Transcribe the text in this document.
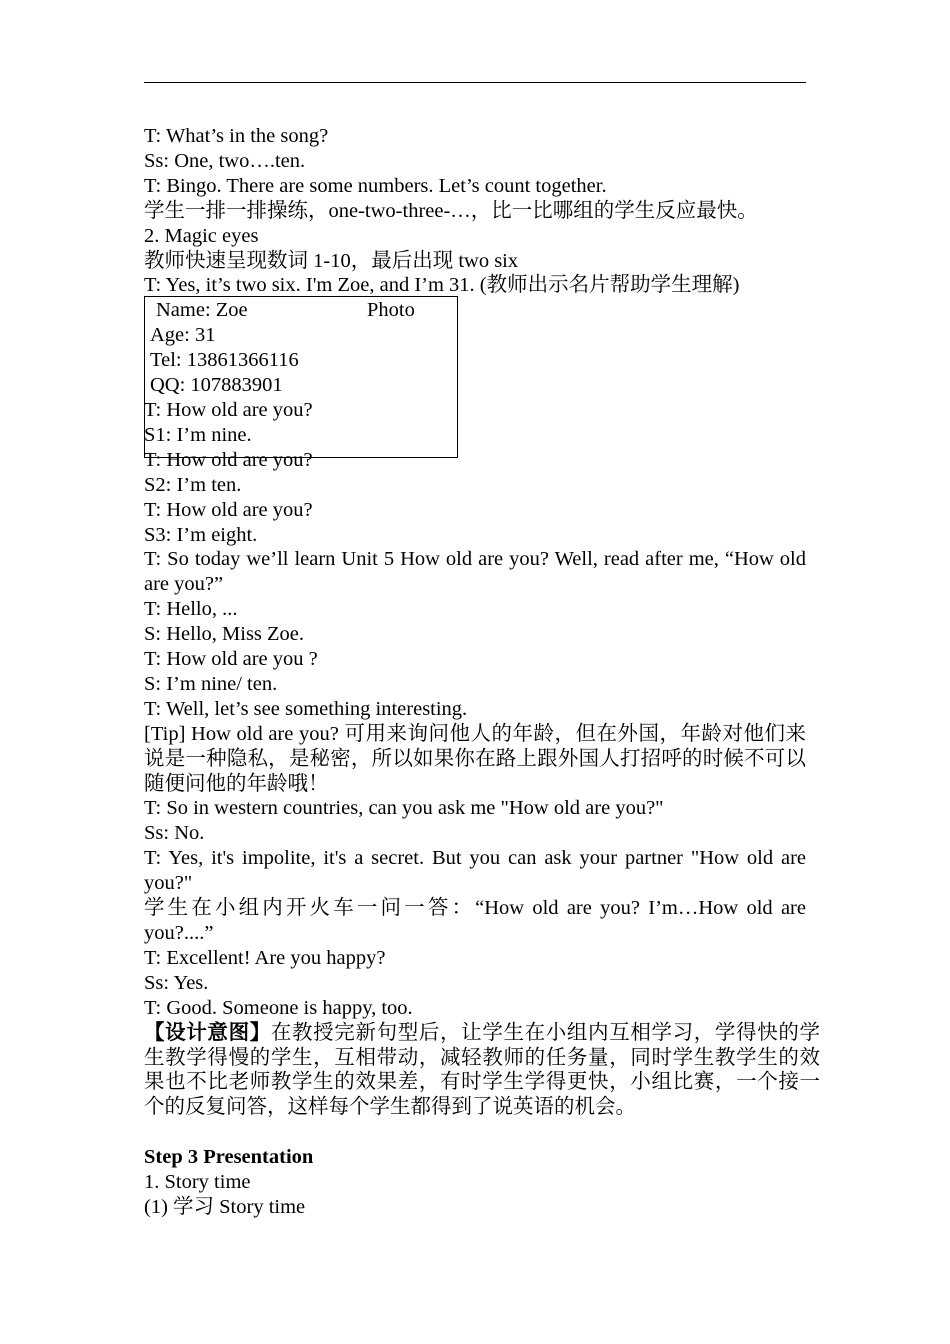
T: What’s in the song?
Ss: One, two….ten.
T: Bingo. There are some numbers. Let’s count together.
学生一排一排操练，one-two-three-…，比一比哪组的学生反应最快。
2. Magic eyes
教师快速呈现数词 1-10，最后出现 two six
T: Yes, it’s two six. I'm Zoe, and I’m 31. (教师出示名片帮助学生理解)
Name: Zoe	Photo
Age: 31
Tel: 13861366116
QQ: 107883901
T: How old are you?
S1: I’m nine.
T: How old are you?
S2: I’m ten.
T: How old are you?
S3: I’m eight.
T: So today we’ll learn Unit 5 How old are you? Well, read after me, “How old are you?”
T: Hello, ...
S: Hello, Miss Zoe.
T: How old are you ?
S: I’m nine/ ten.
T: Well, let’s see something interesting.
[Tip] How old are you? 可用来询问他人的年龄，但在外国，年龄对他们来说是一种隐私，是秘密，所以如果你在路上跟外国人打招呼的时候不可以随便问他的年龄哦！
T: So in western countries, can you ask me "How old are you?"
Ss: No.
T: Yes, it's impolite, it's a secret. But you can ask your partner "How old are you?"
学生在小组内开火车一问一答：“How old are you? I’m…How old are you?....”
T: Excellent! Are you happy?
Ss: Yes.
T: Good. Someone is happy, too.
【设计意图】在教授完新句型后，让学生在小组内互相学习，学得快的学生教学得慢的学生，互相带动，减轻教师的任务量，同时学生教学生的效果也不比老师教学生的效果差，有时学生学得更快，小组比赛，一个接一个的反复问答，这样每个学生都得到了说英语的机会。
Step 3 Presentation
1. Story time
(1) 学习 Story time
